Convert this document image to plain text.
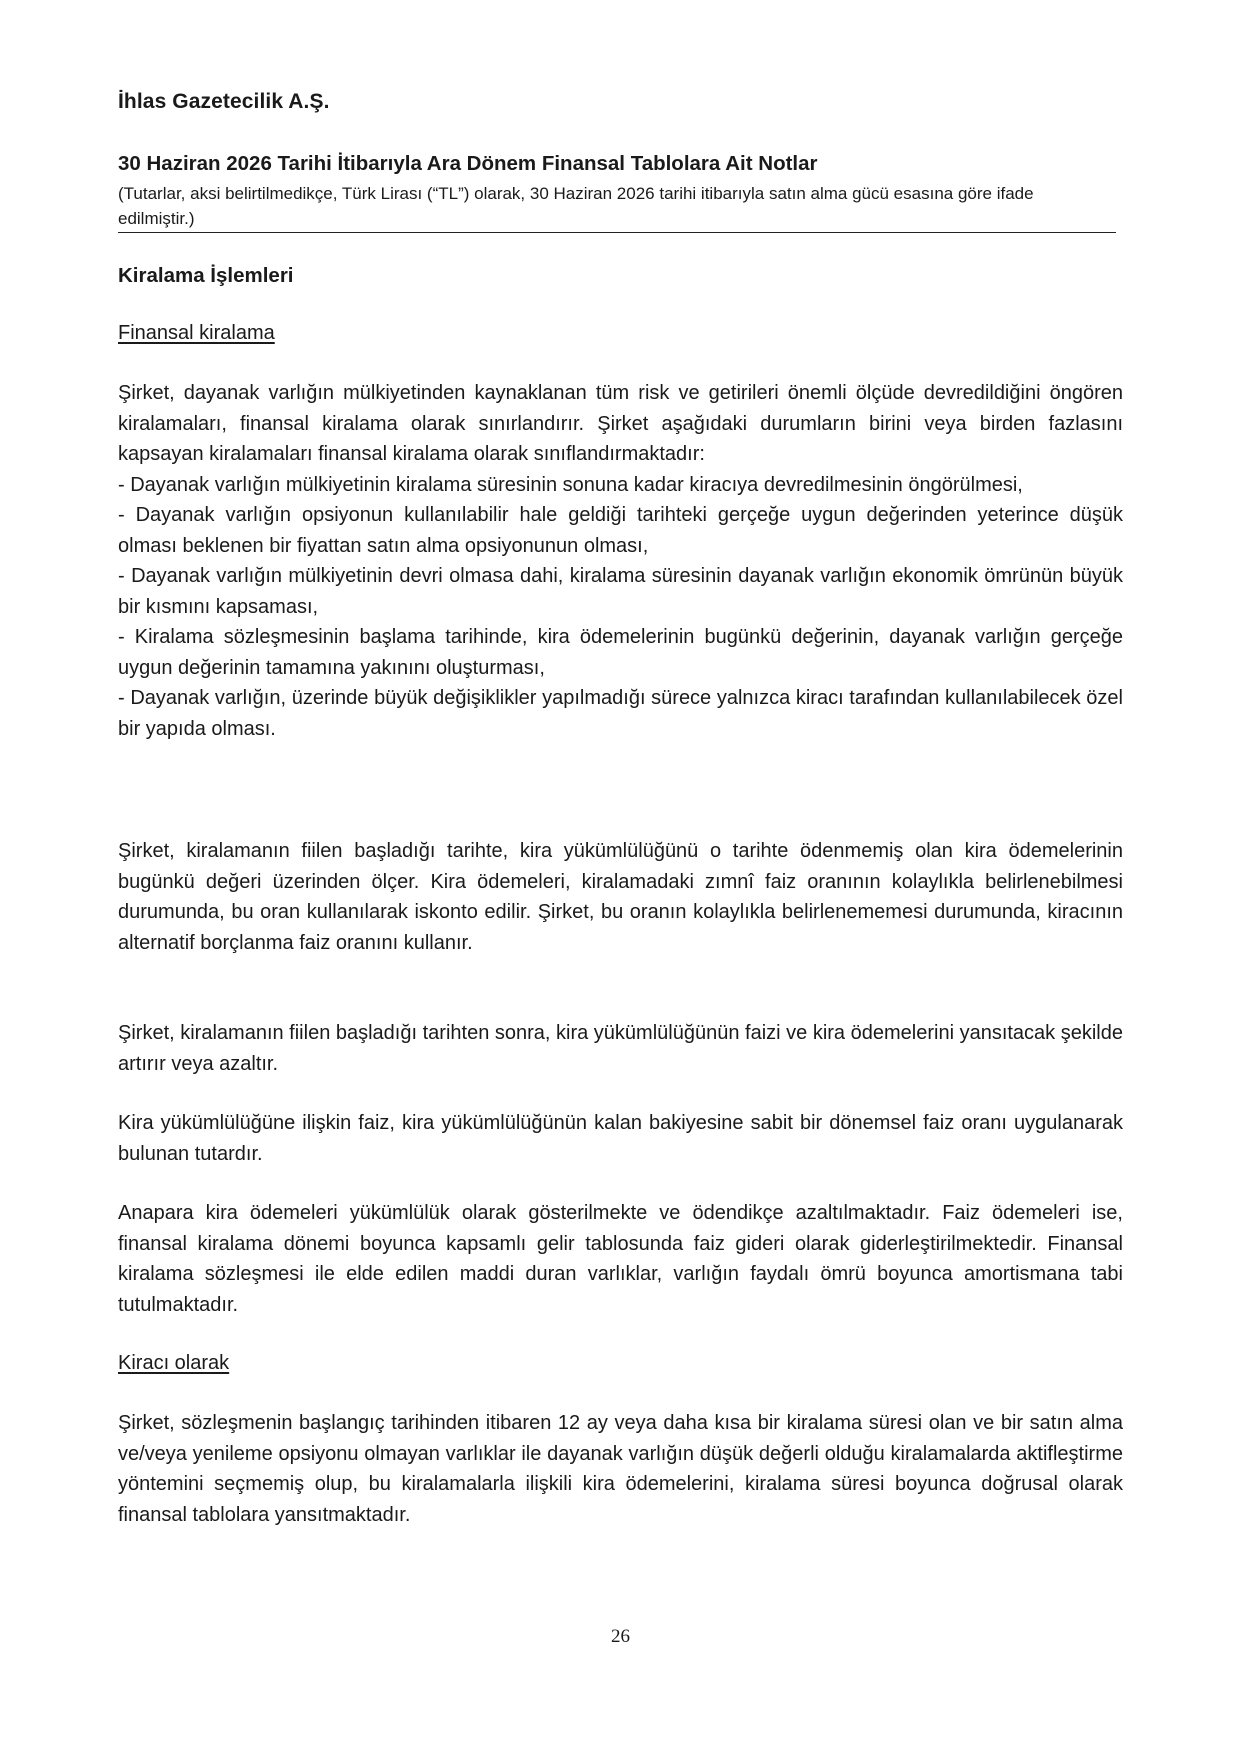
İhlas Gazetecilik A.Ş.
30 Haziran 2026 Tarihi İtibarıyla Ara Dönem Finansal Tablolara Ait Notlar
(Tutarlar, aksi belirtilmedikçe, Türk Lirası (“TL”) olarak, 30 Haziran 2026 tarihi itibarıyla satın alma gücü esasına göre ifade edilmiştir.)
Kiralama İşlemleri
Finansal kiralama

Şirket, dayanak varlığın mülkiyetinden kaynaklanan tüm risk ve getirileri önemli ölçüde devredildiğini öngören kiralamaları, finansal kiralama olarak sınırlandırır. Şirket aşağıdaki durumların birini veya birden fazlasını kapsayan kiralamaları finansal kiralama olarak sınıflandırmaktadır:

- Dayanak varlığın mülkiyetinin kiralama süresinin sonuna kadar kiracıya devredilmesinin öngörülmesi,

- Dayanak varlığın opsiyonun kullanılabilir hale geldiği tarihteki gerçeğe uygun değerinden yeterince düşük olması beklenen bir fiyattan satın alma opsiyonunun olması,

- Dayanak varlığın mülkiyetinin devri olmasa dahi, kiralama süresinin dayanak varlığın ekonomik ömrünün büyük bir kısmını kapsaması,

- Kiralama sözleşmesinin başlama tarihinde, kira ödemelerinin bugünkü değerinin, dayanak varlığın gerçeğe uygun değerinin tamamına yakınını oluşturması,

- Dayanak varlığın, üzerinde büyük değişiklikler yapılmadığı sürece yalnızca kiracı tarafından kullanılabilecek özel bir yapıda olması.

Şirket, kiralamanın fiilen başladığı tarihte, kira yükümlülüğünü o tarihte ödenmemiş olan kira ödemelerinin bugünkü değeri üzerinden ölçer. Kira ödemeleri, kiralamadaki zımnî faiz oranının kolaylıkla belirlenebilmesi durumunda, bu oran kullanılarak iskonto edilir. Şirket, bu oranın kolaylıkla belirlenememesi durumunda, kiracının alternatif borçlanma faiz oranını kullanır.
Şirket, kiralamanın fiilen başladığı tarihten sonra, kira yükümlülüğünün faizi ve kira ödemelerini yansıtacak şekilde artırır veya azaltır.
Kira yükümlülüğüne ilişkin faiz, kira yükümlülüğünün kalan bakiyesine sabit bir dönemsel faiz oranı uygulanarak bulunan tutardır.
Anapara kira ödemeleri yükümlülük olarak gösterilmekte ve ödendikçe azaltılmaktadır. Faiz ödemeleri ise, finansal kiralama dönemi boyunca kapsamlı gelir tablosunda faiz gideri olarak giderleştirilmektedir. Finansal kiralama sözleşmesi ile elde edilen maddi duran varlıklar, varlığın faydalı ömrü boyunca amortismana tabi tutulmaktadır.
Kiracı olarak
Şirket, sözleşmenin başlangıç tarihinden itibaren 12 ay veya daha kısa bir kiralama süresi olan ve bir satın alma ve/veya yenileme opsiyonu olmayan varlıklar ile dayanak varlığın düşük değerli olduğu kiralamalarda aktifleştirme yöntemini seçmemiş olup, bu kiralamalarla ilişkili kira ödemelerini, kiralama süresi boyunca doğrusal olarak finansal tablolara yansıtmaktadır.
26
